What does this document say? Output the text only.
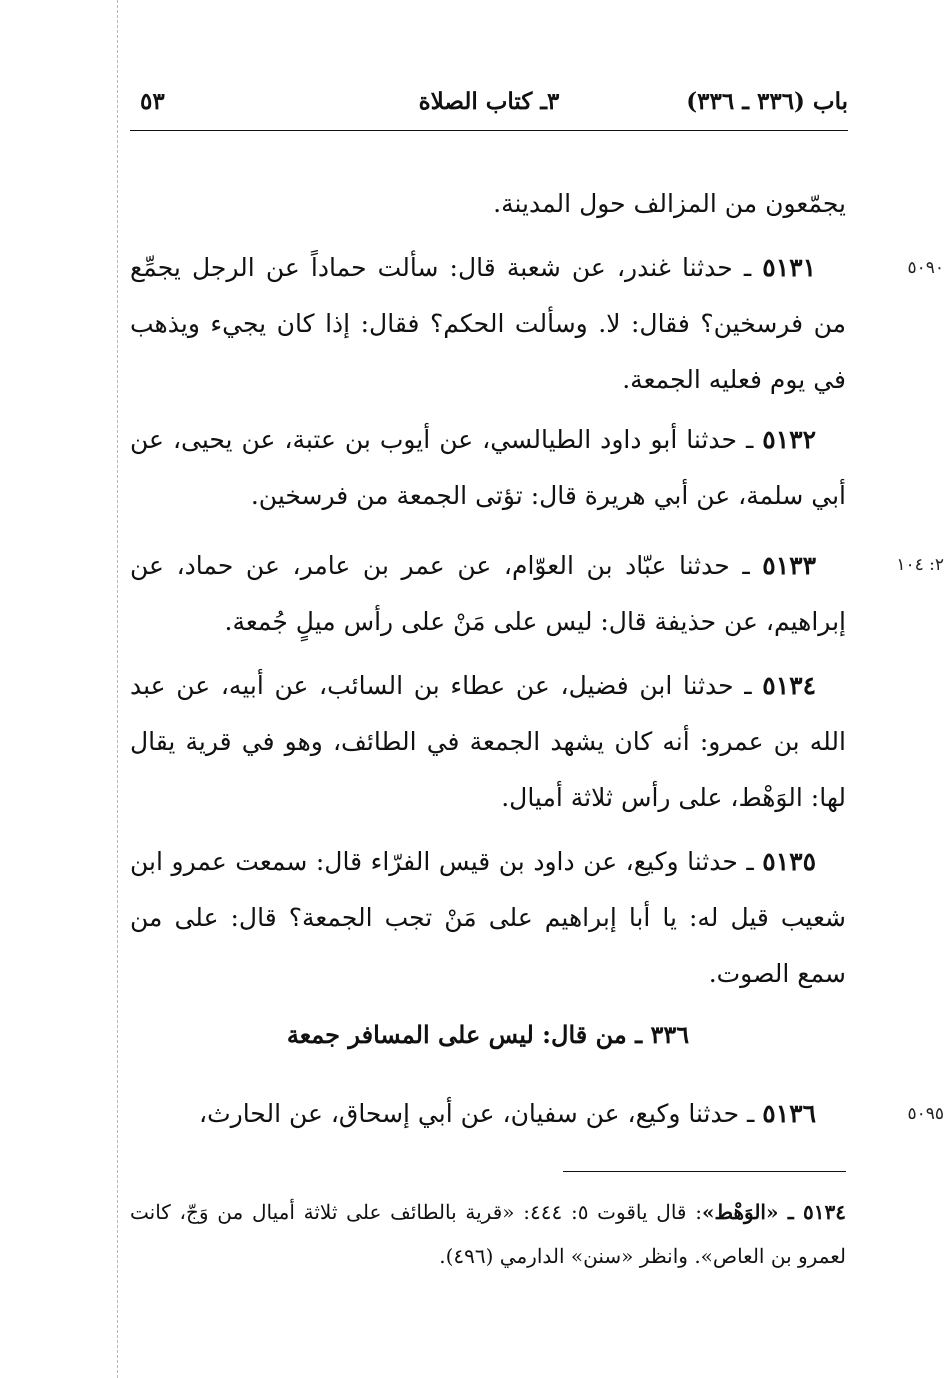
باب (٣٣٦ ـ ٣٣٦)
٣ـ كتاب الصلاة
٥٣
يجمّعون من المزالف حول المدينة.
٥٠٩٠
٥١٣١ ـ حدثنا غندر، عن شعبة قال: سألت حماداً عن الرجل يجمِّع من فرسخين؟ فقال: لا. وسألت الحكم؟ فقال: إذا كان يجيء ويذهب في يوم فعليه الجمعة.
٥١٣٢ ـ حدثنا أبو داود الطيالسي، عن أيوب بن عتبة، عن يحيى، عن أبي سلمة، عن أبي هريرة قال: تؤتى الجمعة من فرسخين.
٢: ١٠٤
٥١٣٣ ـ حدثنا عبّاد بن العوّام، عن عمر بن عامر، عن حماد، عن إبراهيم، عن حذيفة قال: ليس على مَنْ على رأس ميلٍ جُمعة.
٥١٣٤ ـ حدثنا ابن فضيل، عن عطاء بن السائب، عن أبيه، عن عبد الله بن عمرو: أنه كان يشهد الجمعة في الطائف، وهو في قرية يقال لها: الوَهْط، على رأس ثلاثة أميال.
٥١٣٥ ـ حدثنا وكيع، عن داود بن قيس الفرّاء قال: سمعت عمرو ابن شعيب قيل له: يا أبا إبراهيم على مَنْ تجب الجمعة؟ قال: على من سمع الصوت.
٣٣٦ ـ من قال: ليس على المسافر جمعة
٥٠٩٥
٥١٣٦ ـ حدثنا وكيع، عن سفيان، عن أبي إسحاق، عن الحارث،
٥١٣٤ ـ «الوَهْط»: قال ياقوت ٥: ٤٤٤: «قرية بالطائف على ثلاثة أميال من وَجّ، كانت لعمرو بن العاص». وانظر «سنن» الدارمي (٤٩٦).
